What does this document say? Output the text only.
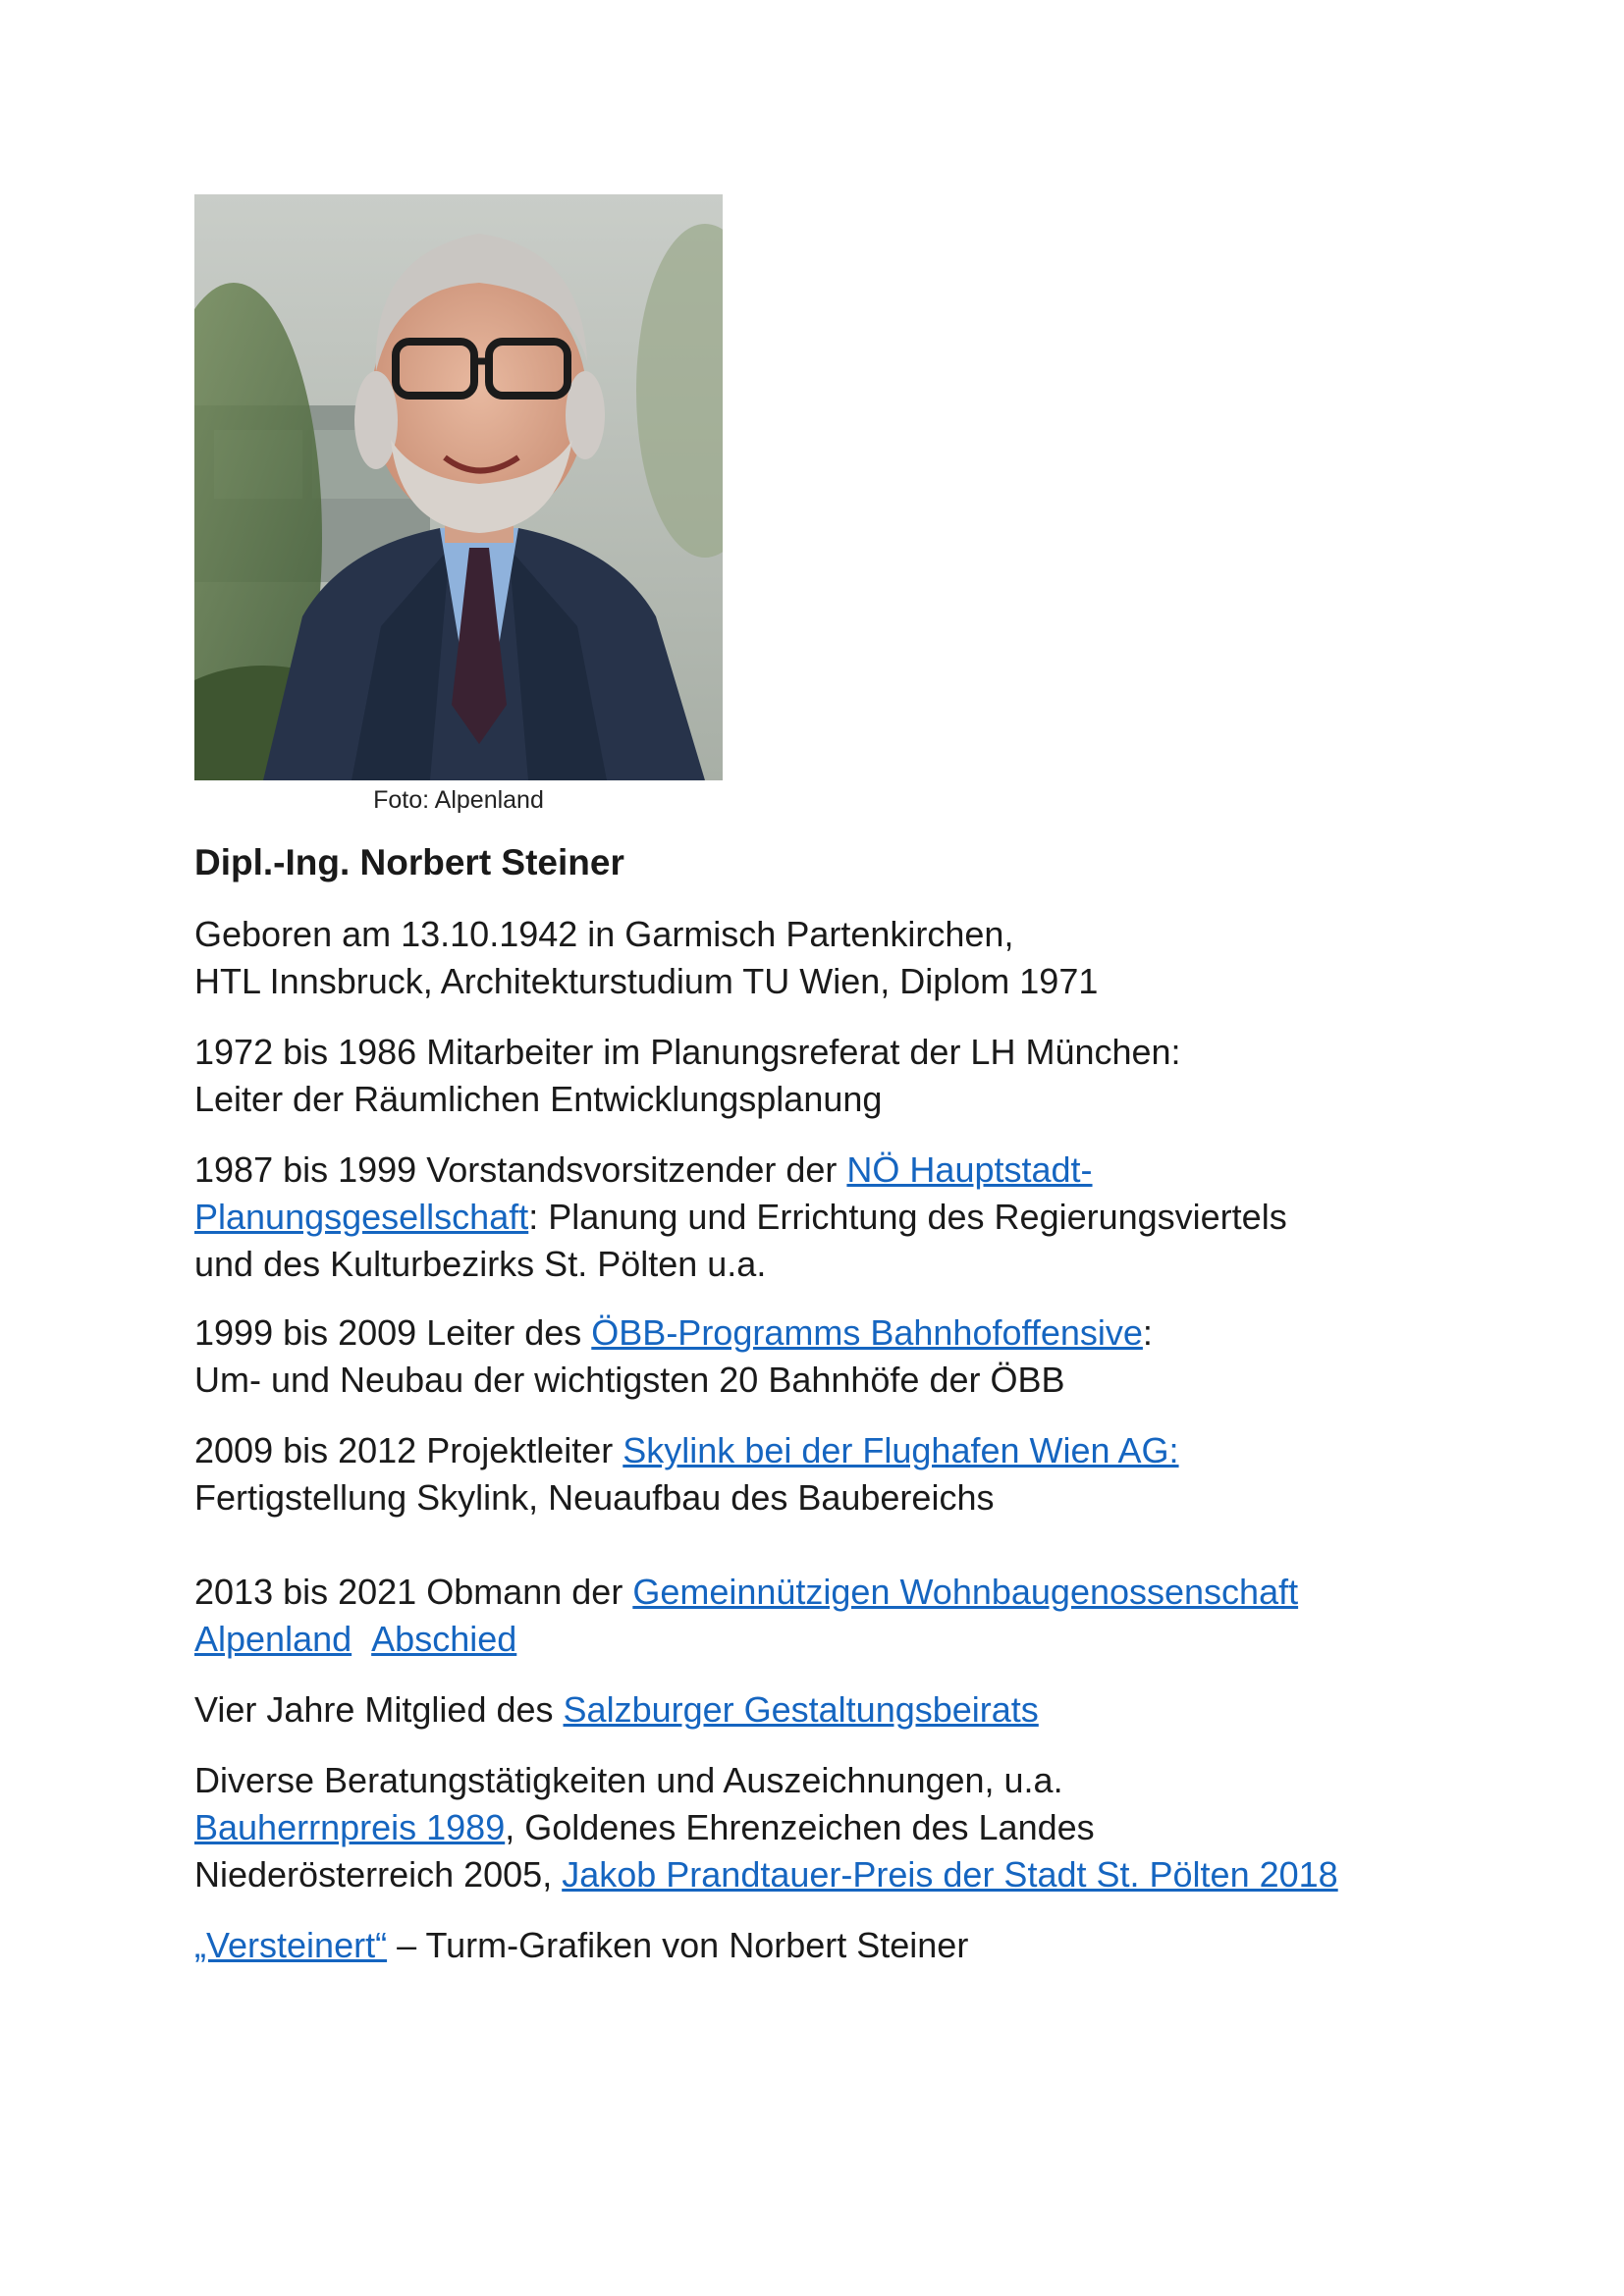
Foto: Alpenland
Dipl.-Ing. Norbert Steiner
Geboren am 13.10.1942 in Garmisch Partenkirchen,
HTL Innsbruck, Architekturstudium TU Wien, Diplom 1971
1972 bis 1986 Mitarbeiter im Planungsreferat der LH München:
Leiter der Räumlichen Entwicklungsplanung
1987 bis 1999 Vorstandsvorsitzender der NÖ Hauptstadt-
Planungsgesellschaft: Planung und Errichtung des Regierungsviertels
und des Kulturbezirks St. Pölten u.a.
1999 bis 2009 Leiter des ÖBB-Programms Bahnhofoffensive:
Um- und Neubau der wichtigsten 20 Bahnhöfe der ÖBB
2009 bis 2012 Projektleiter Skylink bei der Flughafen Wien AG:
Fertigstellung Skylink, Neuaufbau des Baubereichs
2013 bis 2021 Obmann der Gemeinnützigen Wohnbaugenossenschaft
Alpenland Abschied
Vier Jahre Mitglied des Salzburger Gestaltungsbeirats
Diverse Beratungstätigkeiten und Auszeichnungen, u.a.
Bauherrnpreis 1989, Goldenes Ehrenzeichen des Landes
Niederösterreich 2005, Jakob Prandtauer-Preis der Stadt St. Pölten 2018
„Versteinert“ – Turm-Grafiken von Norbert Steiner
